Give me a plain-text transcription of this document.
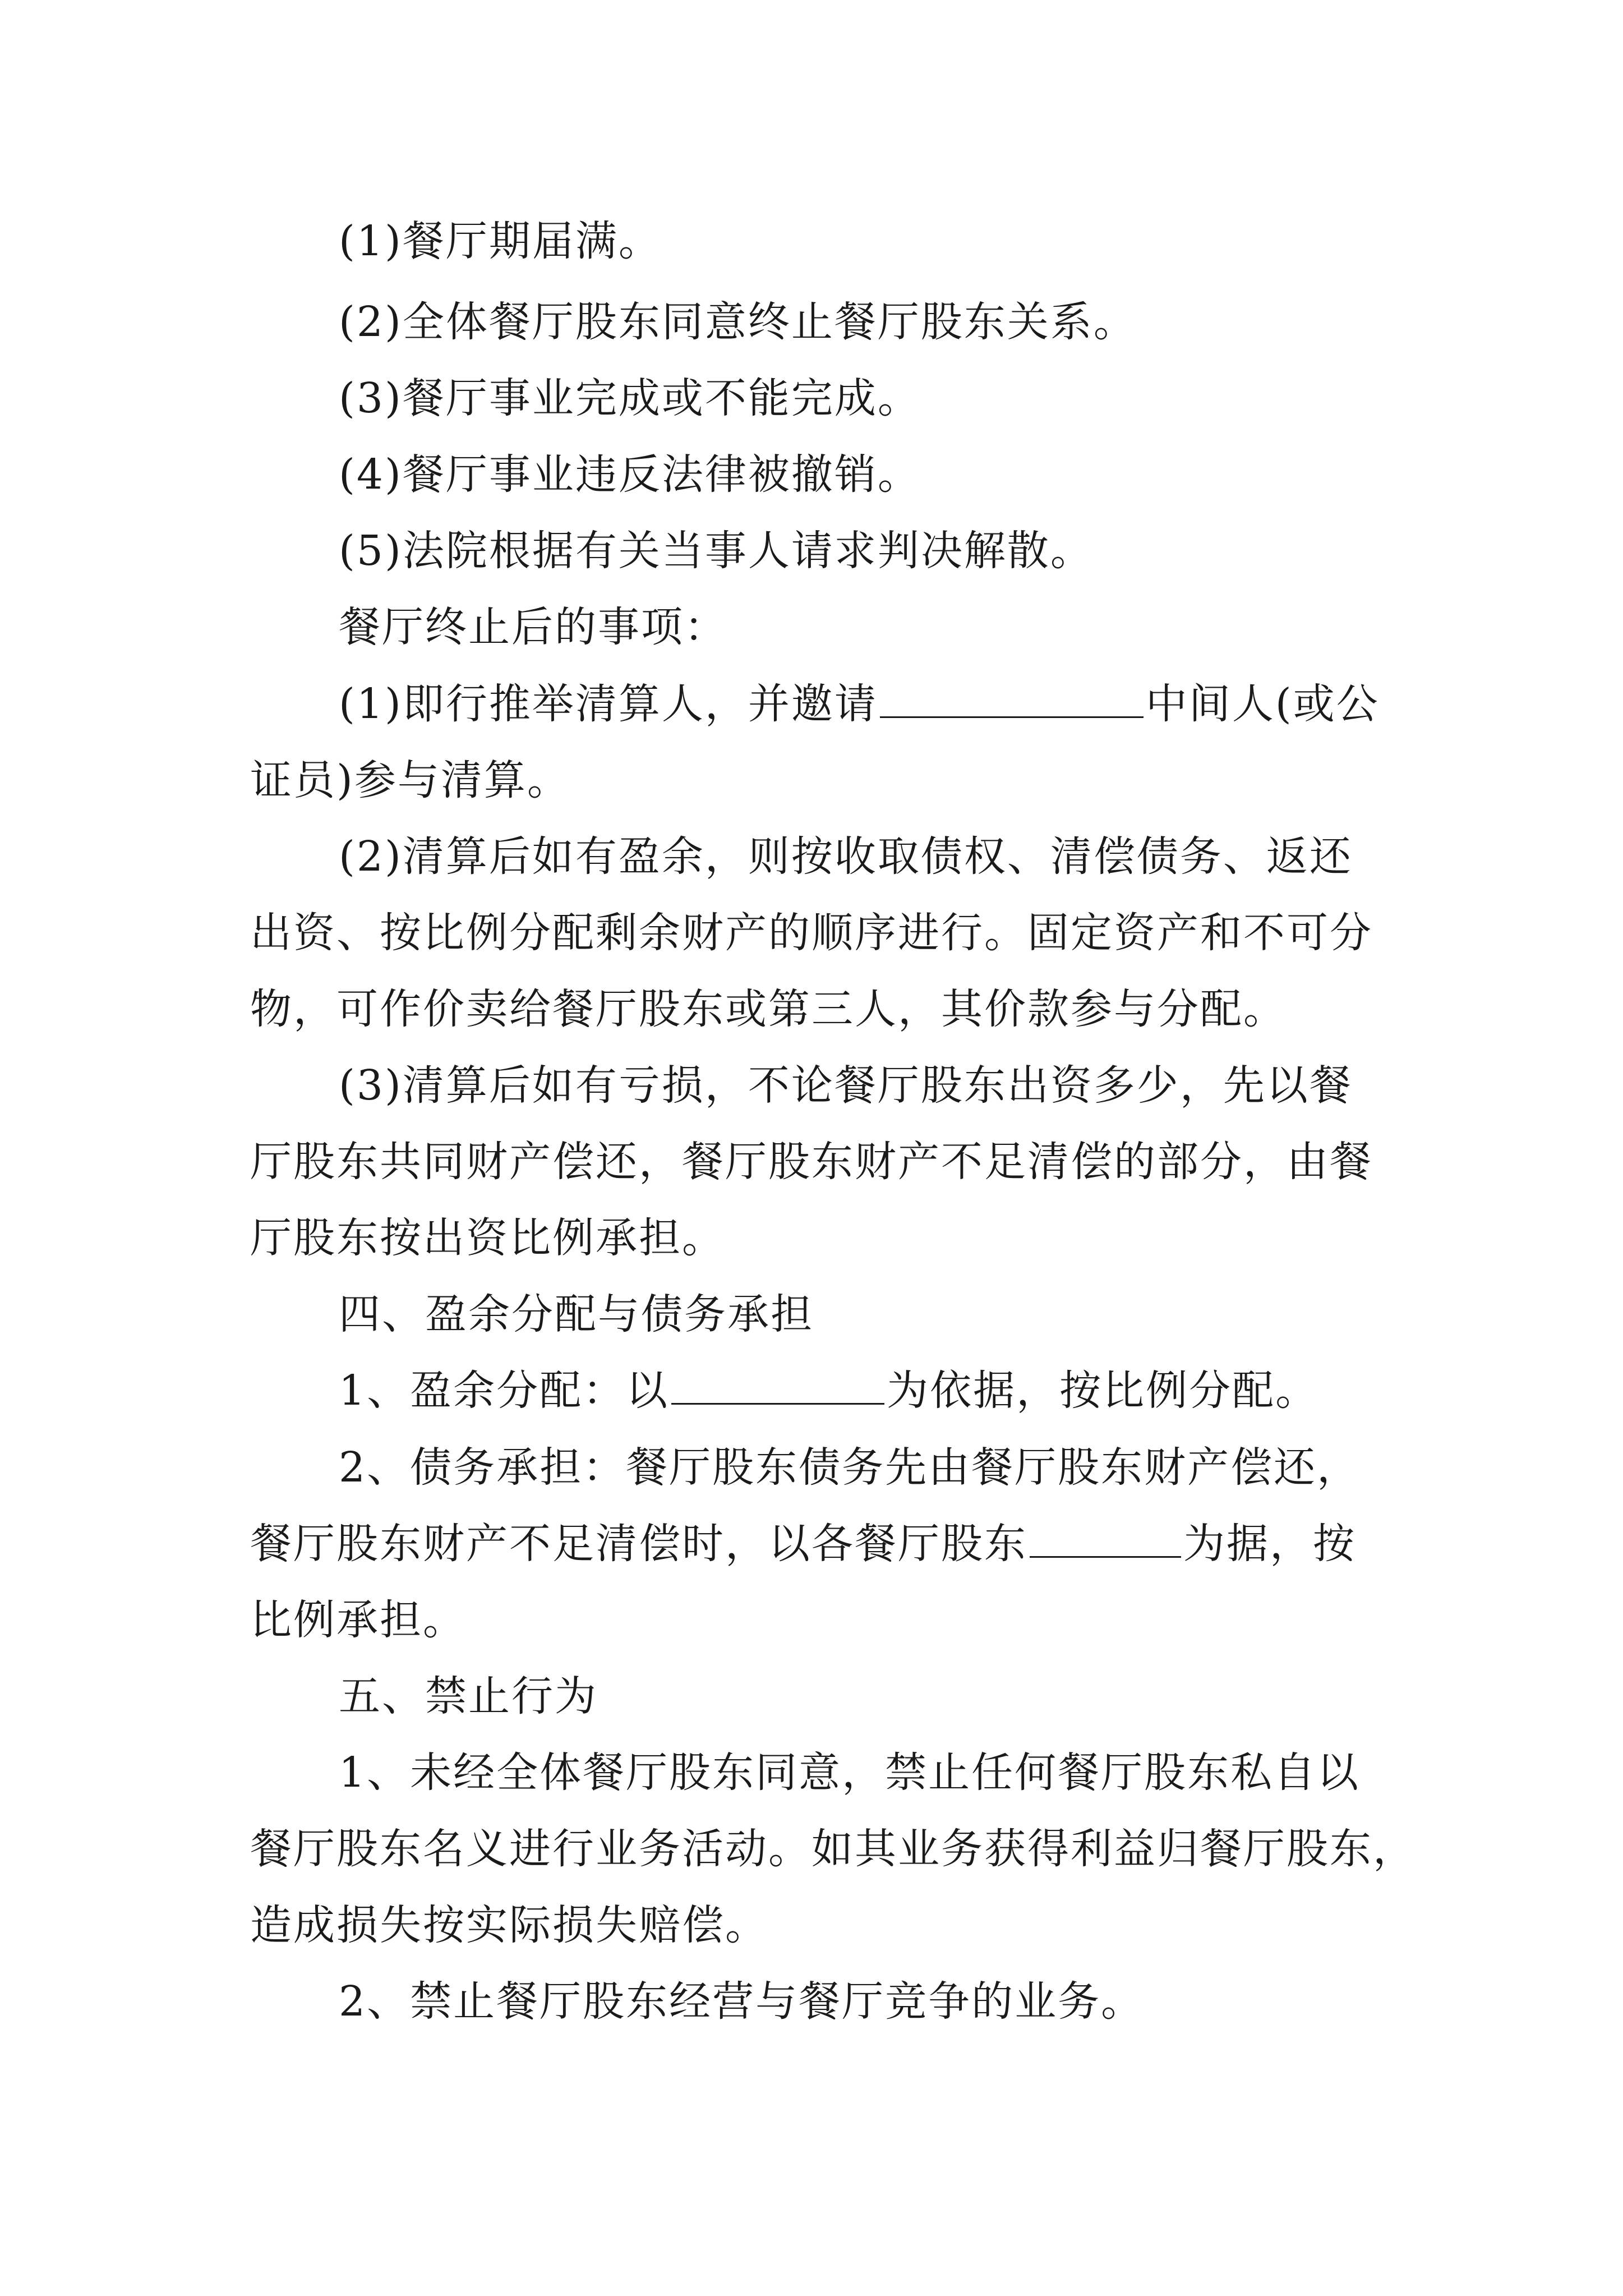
(1)餐厅期届满。
(2)全体餐厅股东同意终止餐厅股东关系。
(3)餐厅事业完成或不能完成。
(4)餐厅事业违反法律被撤销。
(5)法院根据有关当事人请求判决解散。
餐厅终止后的事项：
(1)即行推举清算人，并邀请	中间人(或公
证员)参与清算。
(2)清算后如有盈余，则按收取债权、清偿债务、返还
出资、按比例分配剩余财产的顺序进行。固定资产和不可分
物，可作价卖给餐厅股东或第三人，其价款参与分配。
(3)清算后如有亏损，不论餐厅股东出资多少，先以餐
厅股东共同财产偿还，餐厅股东财产不足清偿的部分，由餐
厅股东按出资比例承担。
四、盈余分配与债务承担
1、盈余分配：以	为依据，按比例分配。
2、债务承担：餐厅股东债务先由餐厅股东财产偿还，
餐厅股东财产不足清偿时，以各餐厅股东	为据，按
比例承担。
五、禁止行为
1、未经全体餐厅股东同意，禁止任何餐厅股东私自以
餐厅股东名义进行业务活动。如其业务获得利益归餐厅股东，
造成损失按实际损失赔偿。
2、禁止餐厅股东经营与餐厅竞争的业务。
